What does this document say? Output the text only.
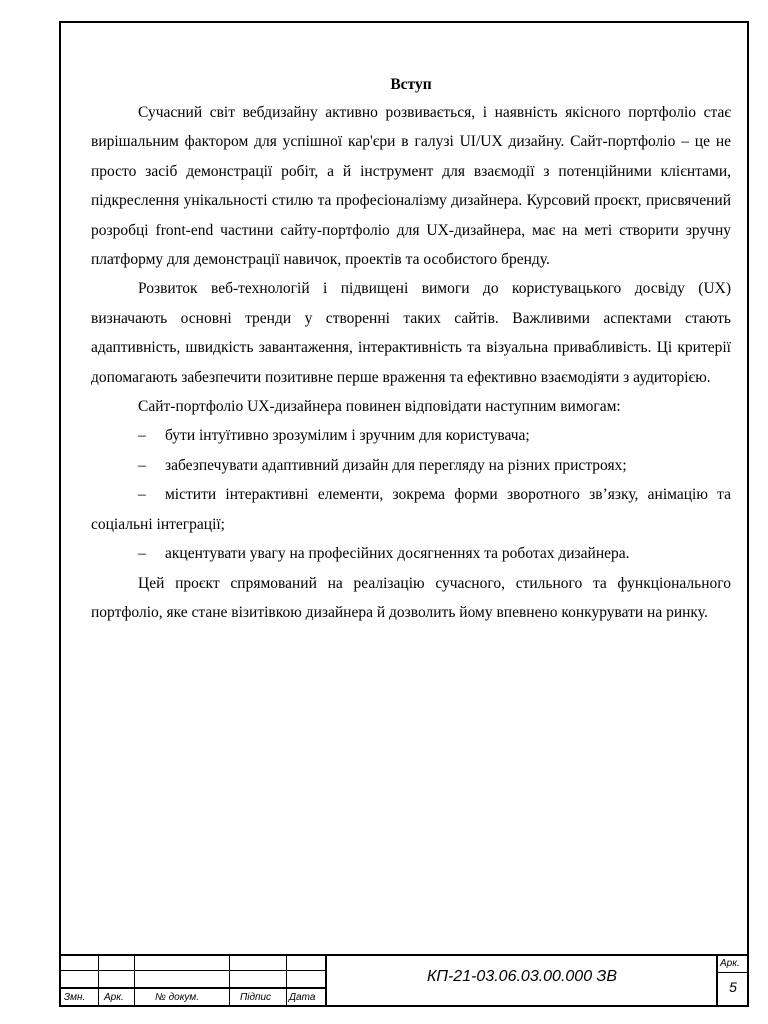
Вступ

Сучасний світ вебдизайну активно розвивається, і наявність якісного портфоліо стає вирішальним фактором для успішної кар'єри в галузі UI/UX дизайну. Сайт-портфоліо – це не просто засіб демонстрації робіт, а й інструмент для взаємодії з потенційними клієнтами, підкреслення унікальності стилю та професіоналізму дизайнера. Курсовий проєкт, присвячений розробці front-end частини сайту-портфоліо для UX-дизайнера, має на меті створити зручну платформу для демонстрації навичок, проектів та особистого бренду.

Розвиток веб-технологій і підвищені вимоги до користувацького досвіду (UX) визначають основні тренди у створенні таких сайтів. Важливими аспектами стають адаптивність, швидкість завантаження, інтерактивність та візуальна привабливість. Ці критерії допомагають забезпечити позитивне перше враження та ефективно взаємодіяти з аудиторією.

Сайт-портфоліо UX-дизайнера повинен відповідати наступним вимогам:

– бути інтуїтивно зрозумілим і зручним для користувача;

– забезпечувати адаптивний дизайн для перегляду на різних пристроях;

– містити інтерактивні елементи, зокрема форми зворотного зв’язку, анімацію та соціальні інтеграції;

– акцентувати увагу на професійних досягненнях та роботах дизайнера.

Цей проєкт спрямований на реалізацію сучасного, стильного та функціонального портфоліо, яке стане візитівкою дизайнера й дозволить йому впевнено конкурувати на ринку.

Змн. Арк.	№ докум.	Підпис Дата
КП-21-03.06.03.00.000 ЗВ
Арк.
5
